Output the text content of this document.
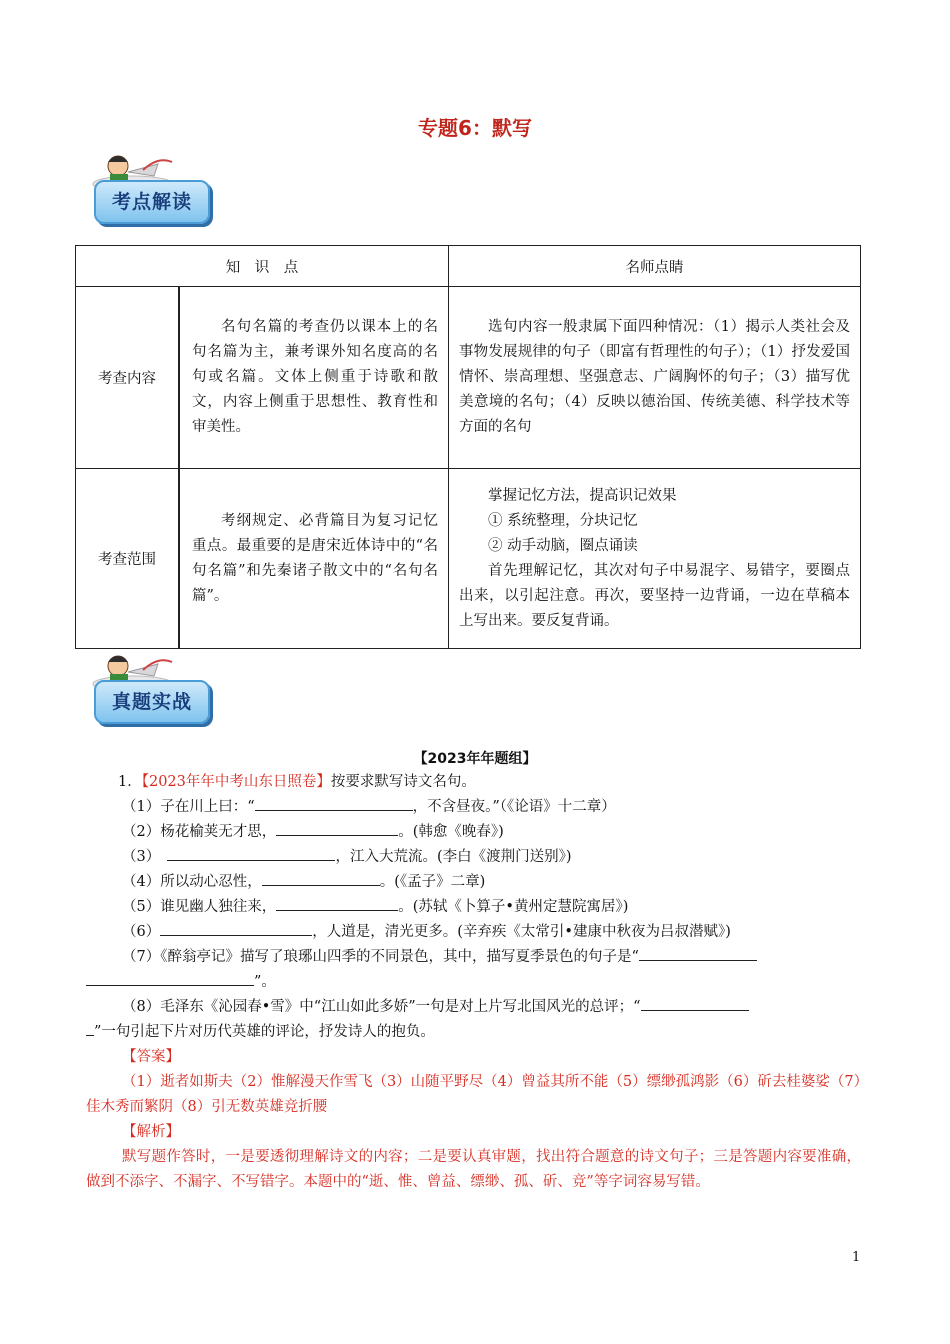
专题6：默写
考点解读
知　识　点		名师点睛
考查内容	名句名篇的考查仍以课本上的名句名篇为主，兼考课外知名度高的名句或名篇。文体上侧重于诗歌和散文，内容上侧重于思想性、教育性和审美性。	选句内容一般隶属下面四种情况：（1）揭示人类社会及事物发展规律的句子（即富有哲理性的句子）；（1）抒发爱国情怀、崇高理想、坚强意志、广阔胸怀的句子；（3）描写优美意境的名句；（4）反映以德治国、传统美德、科学技术等方面的名句

考查范围	考纲规定、必背篇目为复习记忆重点。最重要的是唐宋近体诗中的“名句名篇”和先秦诸子散文中的“名句名篇”。	掌握记忆方法，提高识记效果
① 系统整理，分块记忆
② 动手动脑，圈点诵读
首先理解记忆，其次对句子中易混字、易错字，要圈点出来，以引起注意。再次，要坚持一边背诵，一边在草稿本上写出来。要反复背诵。
真题实战
【2023年年题组】
1．【2023年年中考山东日照卷】按要求默写诗文名句。
（1）子在川上曰：“	，不含昼夜。”（《论语》十二章）
（2）杨花榆荚无才思，	。(韩愈《晚春》)
（3）　	，江入大荒流。(李白《渡荆门送别》)
（4）所以动心忍性，	。(《孟子》二章)
（5）谁见幽人独往来，	。(苏轼《卜算子•黄州定慧院寓居》)
（6）	，人道是，清光更多。(辛弃疾《太常引•建康中秋夜为吕叔潜赋》)
（7）《醉翁亭记》描写了琅琊山四季的不同景色，其中，描写夏季景色的句子是“
”。
（8）毛泽东《沁园春•雪》中“江山如此多娇”一句是对上片写北国风光的总评；“
”一句引起下片对历代英雄的评论，抒发诗人的抱负。
【答案】
（1）逝者如斯夫（2）惟解漫天作雪飞（3）山随平野尽（4）曾益其所不能（5）缥缈孤鸿影（6）斫去桂婆娑（7）佳木秀而繁阴（8）引无数英雄竞折腰
【解析】
默写题作答时，一是要透彻理解诗文的内容；二是要认真审题，找出符合题意的诗文句子；三是答题内容要准确，做到不添字、不漏字、不写错字。本题中的“逝、惟、曾益、缥缈、孤、斫、竞”等字词容易写错。
1
